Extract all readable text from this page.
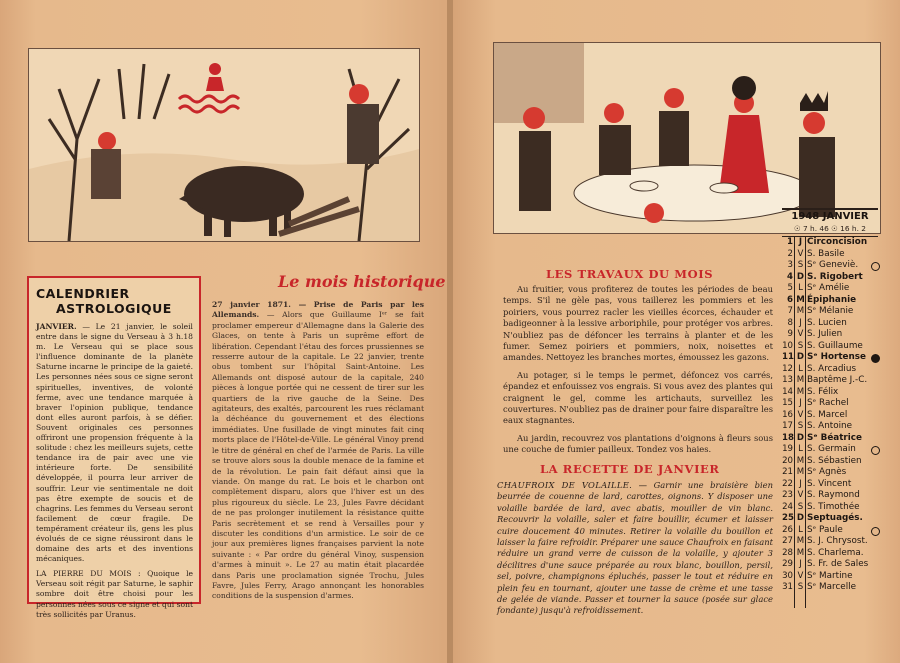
CALENDRIER
ASTROLOGIQUE

JANVIER. — Le 21 janvier, le soleil entre dans le signe du Verseau à 3 h.18 m. Le Verseau qui se place sous l'influence dominante de la planète Saturne incarne le principe de la gaieté. Les personnes nées sous ce signe seront spirituelles, inventives, de volonté ferme, avec une tendance marquée à braver l'opinion publique, tendance dont elles auront parfois, à se défier. Souvent originales ces personnes offriront une propension fréquente à la solitude : chez les meilleurs sujets, cette tendance ira de pair avec une vie intérieure forte. De sensibilité développée, il pourra leur arriver de souffrir. Leur vie sentimentale ne doit pas être exempte de soucis et de chagrins. Les femmes du Verseau seront facilement de cœur fragile. De tempérament créateur ils, gens les plus évolués de ce signe réussiront dans le domaine des arts et des inventions mécaniques.

LA PIERRE DU MOIS : Quoique le Verseau soit régit par Saturne, le saphir sombre doit être choisi pour les personnes nées sous ce signe et qui sont très sollicités par Uranus.

Le mois historique
27 janvier 1871. — Prise de Paris par les Allemands. — Alors que Guillaume Iᵉʳ se fait proclamer empereur d'Allemagne dans la Galerie des Glaces, on tente à Paris un suprême effort de libération. Cependant l'étau des forces prussiennes se resserre autour de la capitale. Le 22 janvier, trente obus tombent sur l'hôpital Saint-Antoine. Les Allemands ont disposé autour de la capitale, 240 pièces à longue portée qui ne cessent de tirer sur les quartiers de la rive gauche de la Seine. Des agitateurs, des exaltés, parcourent les rues réclamant la déchéance du gouvernement et des élections immédiates. Une fusillade de vingt minutes fait cinq morts place de l'Hôtel-de-Ville. Le général Vinoy prend le titre de général en chef de l'armée de Paris. La ville se trouve alors sous la double menace de la famine et de la révolution. Le pain fait défaut ainsi que la viande. On mange du rat. Le bois et le charbon ont complètement disparu, alors que l'hiver est un des plus rigoureux du siècle. Le 23, Jules Favre décidant de ne pas prolonger inutilement la résistance quitte Paris secrètement et se rend à Versailles pour y discuter les conditions d'un armistice. Le soir de ce jour aux premières lignes françaises parvient la note suivante : « Par ordre du général Vinoy, suspension d'armes à minuit ». Le 27 au matin était placardée dans Paris une proclamation signée Trochu, Jules Favre, Jules Ferry, Arago annonçant les honorables conditions de la suspension d'armes.
LES TRAVAUX DU MOIS

Au fruitier, vous profiterez de toutes les périodes de beau temps. S'il ne gèle pas, vous taillerez les pommiers et les poiriers, vous pourrez racler les vieilles écorces, échauder et badigeonner à la lessive arboriphile, pour protéger vos arbres. N'oubliez pas de défoncer les terrains à planter et de les fumer. Semez poiriers et pommiers, noix, noisettes et amandes. Nettoyez les branches mortes, émoussez les gazons.

Au potager, si le temps le permet, défoncez vos carrés, épandez et enfouissez vos engrais. Si vous avez des plantes qui craignent le gel, comme les artichauts, surveillez les couvertures. N'oubliez pas de drainer pour faire disparaître les eaux stagnantes.

Au jardin, recouvrez vos plantations d'oignons à fleurs sous une couche de fumier pailleux. Tondez vos haies.

LA RECETTE DE JANVIER
CHAUFROIX DE VOLAILLE. — Garnir une braisière bien beurrée de couenne de lard, carottes, oignons. Y disposer une volaille bardée de lard, avec abatis, mouiller de vin blanc. Recouvrir la volaille, saler et faire bouillir, écumer et laisser cuire doucement 40 minutes. Retirer la volaille du bouillon et laisser la faire refroidir. Préparer une sauce Chaufroix en faisant réduire un grand verre de cuisson de la volaille, y ajouter 3 décilitres d'une sauce préparée au roux blanc, bouillon, persil, sel, poivre, champignons épluchés, passer le tout et réduire en plein feu en tournant, ajouter une tasse de crème et une tasse de gelée de viande. Passer et tourner la sauce (posée sur glace fondante) jusqu'à refroidissement.
1948 JANVIER
☉ 7 h. 46 ☉ 16 h. 2
1 J Circoncision
2 V S. Basile
3 S Sᵉ Geneviè.
4 D S. Rigobert
5 L Sᵉ Amélie
6 M Épiphanie
7 M Sᵉ Mélanie
8 J S. Lucien
9 V S. Julien
10 S S. Guillaume
11 D Sᵉ Hortense
12 L S. Arcadius
13 M Baptême J.-C.
14 M S. Félix
15 J Sᵉ Rachel
16 V S. Marcel
17 S S. Antoine
18 D Sᵉ Béatrice
19 L S. Germain
20 M S. Sébastien
21 M Sᵉ Agnès
22 J S. Vincent
23 V S. Raymond
24 S S. Timothée
25 D Septuagés.
26 L Sᵉ Paule
27 M S. J. Chrysost.
28 M S. Charlema.
29 J S. Fr. de Sales
30 V Sᵉ Martine
31 S Sᵉ Marcelle
